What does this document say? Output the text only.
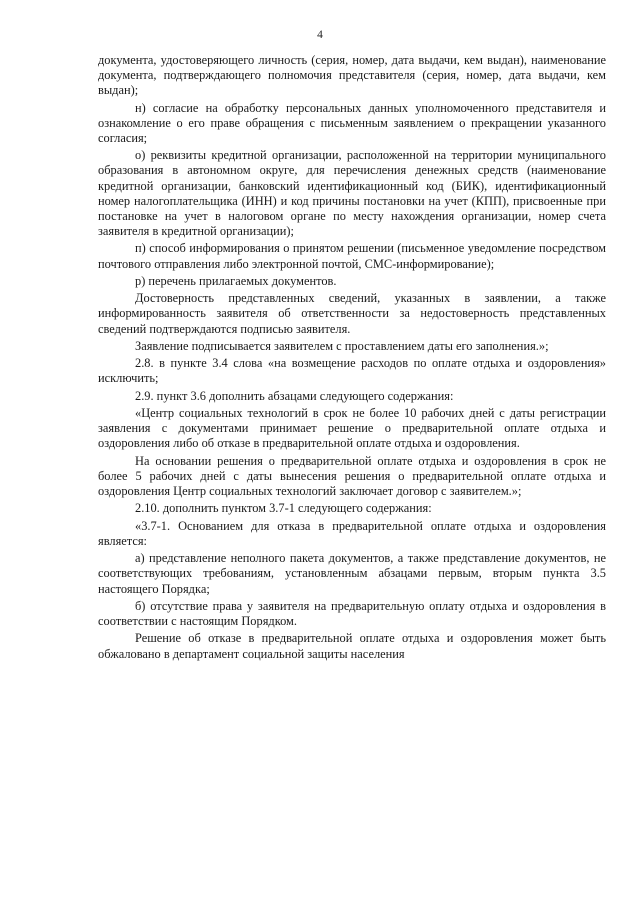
4

документа, удостоверяющего личность (серия, номер, дата выдачи, кем выдан), наименование документа, подтверждающего полномочия представителя (серия, номер, дата выдачи, кем выдан);

н) согласие на обработку персональных данных уполномоченного представителя и ознакомление о его праве обращения с письменным заявлением о прекращении указанного согласия;

о) реквизиты кредитной организации, расположенной на территории муниципального образования в автономном округе, для перечисления денежных средств (наименование кредитной организации, банковский идентификационный код (БИК), идентификационный номер налогоплательщика (ИНН) и код причины постановки на учет (КПП), присвоенные при постановке на учет в налоговом органе по месту нахождения организации, номер счета заявителя в кредитной организации);

п) способ информирования о принятом решении (письменное уведомление посредством почтового отправления либо электронной почтой, СМС-информирование);

р) перечень прилагаемых документов.

Достоверность представленных сведений, указанных в заявлении, а также информированность заявителя об ответственности за недостоверность представленных сведений подтверждаются подписью заявителя.

Заявление подписывается заявителем с проставлением даты его заполнения.»;

2.8. в пункте 3.4 слова «на возмещение расходов по оплате отдыха и оздоровления» исключить;

2.9. пункт 3.6 дополнить абзацами следующего содержания:

«Центр социальных технологий в срок не более 10 рабочих дней с даты регистрации заявления с документами принимает решение о предварительной оплате отдыха и оздоровления либо об отказе в предварительной оплате отдыха и оздоровления.

На основании решения о предварительной оплате отдыха и оздоровления в срок не более 5 рабочих дней с даты вынесения решения о предварительной оплате отдыха и оздоровления Центр социальных технологий заключает договор с заявителем.»;

2.10. дополнить пунктом 3.7-1 следующего содержания:

«3.7-1. Основанием для отказа в предварительной оплате отдыха и оздоровления является:

а) представление неполного пакета документов, а также представление документов, не соответствующих требованиям, установленным абзацами первым, вторым пункта 3.5 настоящего Порядка;

б) отсутствие права у заявителя на предварительную оплату отдыха и оздоровления в соответствии с настоящим Порядком.

Решение об отказе в предварительной оплате отдыха и оздоровления может быть обжаловано в департамент социальной защиты населения
